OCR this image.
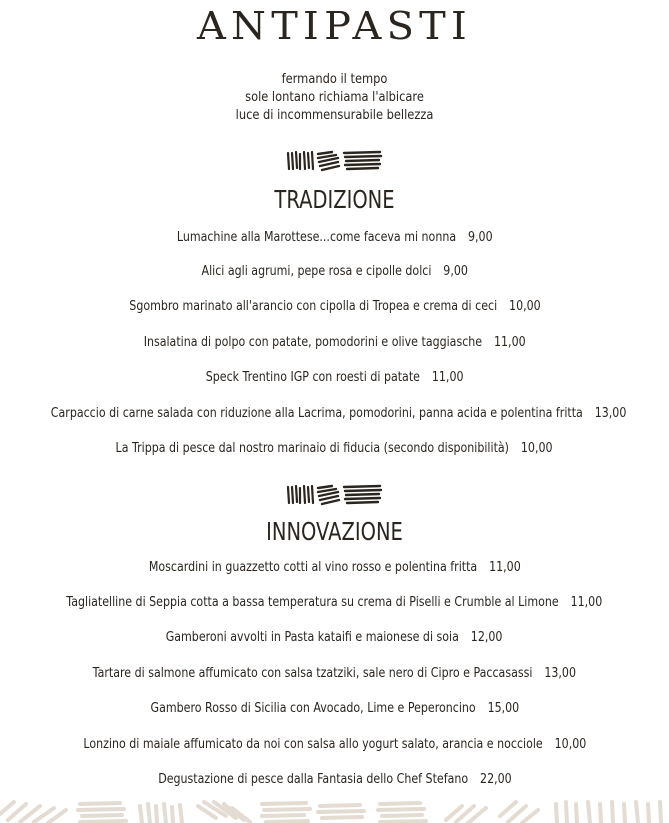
ANTIPASTI
fermando il tempo
sole lontano richiama l'albicare
luce di incommensurabile bellezza
TRADIZIONE
Lumachine alla Marottese...come faceva mi nonna 9,00
Alici agli agrumi, pepe rosa e cipolle dolci 9,00
Sgombro marinato all'arancio con cipolla di Tropea e crema di ceci 10,00
Insalatina di polpo con patate, pomodorini e olive taggiasche 11,00
Speck Trentino IGP con roesti di patate 11,00
Carpaccio di carne salada con riduzione alla Lacrima, pomodorini, panna acida e polentina fritta 13,00
La Trippa di pesce dal nostro marinaio di fiducia (secondo disponibilità) 10,00
INNOVAZIONE
Moscardini in guazzetto cotti al vino rosso e polentina fritta 11,00
Tagliatelline di Seppia cotta a bassa temperatura su crema di Piselli e Crumble al Limone 11,00
Gamberoni avvolti in Pasta kataifi e maionese di soia 12,00
Tartare di salmone affumicato con salsa tzatziki, sale nero di Cipro e Paccasassi 13,00
Gambero Rosso di Sicilia con Avocado, Lime e Peperoncino 15,00
Lonzino di maiale affumicato da noi con salsa allo yogurt salato, arancia e nocciole 10,00
Degustazione di pesce dalla Fantasia dello Chef Stefano 22,00
